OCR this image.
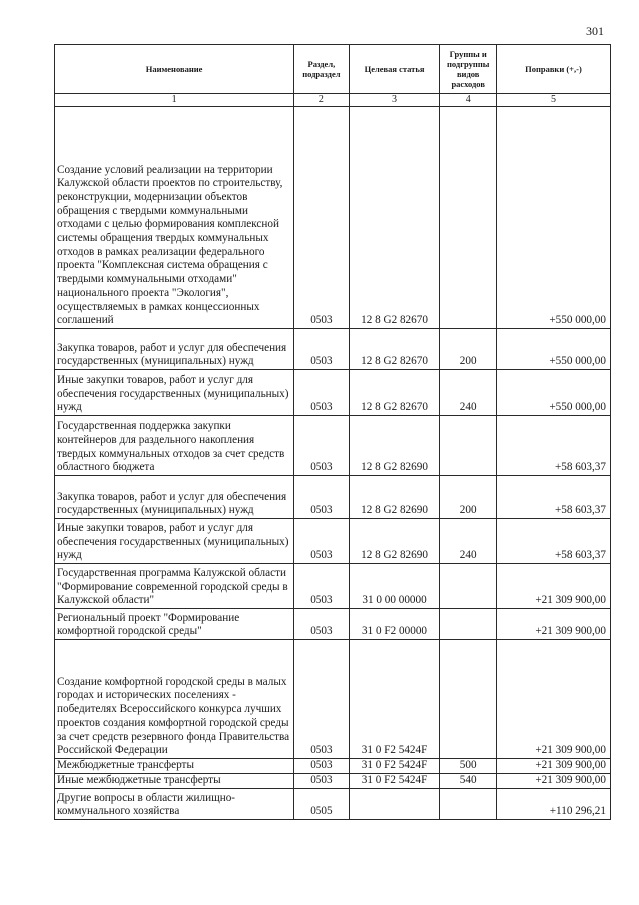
301
Наименование	Раздел, подраздел	Целевая статья	Группы и подгруппы видов расходов	Поправки (+,-)
1	2	3	4	5
Создание условий реализации на территории Калужской области проектов по строительству, реконструкции, модернизации объектов обращения с твердыми коммунальными отходами с целью формирования комплексной системы обращения твердых коммунальных отходов в рамках реализации федерального проекта "Комплексная система обращения с твердыми коммунальными отходами" национального проекта "Экология", осуществляемых в рамках концессионных соглашений	0503	12 8 G2 82670		+550 000,00
Закупка товаров, работ и услуг для обеспечения государственных (муниципальных) нужд	0503	12 8 G2 82670	200	+550 000,00
Иные закупки товаров, работ и услуг для обеспечения государственных (муниципальных) нужд	0503	12 8 G2 82670	240	+550 000,00
Государственная поддержка закупки контейнеров для раздельного накопления твердых коммунальных отходов за счет средств областного бюджета	0503	12 8 G2 82690		+58 603,37
Закупка товаров, работ и услуг для обеспечения государственных (муниципальных) нужд	0503	12 8 G2 82690	200	+58 603,37
Иные закупки товаров, работ и услуг для обеспечения государственных (муниципальных) нужд	0503	12 8 G2 82690	240	+58 603,37
Государственная программа Калужской области "Формирование современной городской среды в Калужской области"	0503	31 0 00 00000		+21 309 900,00
Региональный проект "Формирование комфортной городской среды"	0503	31 0 F2 00000		+21 309 900,00
Создание комфортной городской среды в малых городах и исторических поселениях - победителях Всероссийского конкурса лучших проектов создания комфортной городской среды за счет средств резервного фонда Правительства Российской Федерации	0503	31 0 F2 5424F		+21 309 900,00
Межбюджетные трансферты	0503	31 0 F2 5424F	500	+21 309 900,00
Иные межбюджетные трансферты	0503	31 0 F2 5424F	540	+21 309 900,00
Другие вопросы в области жилищно-коммунального хозяйства	0505			+110 296,21
